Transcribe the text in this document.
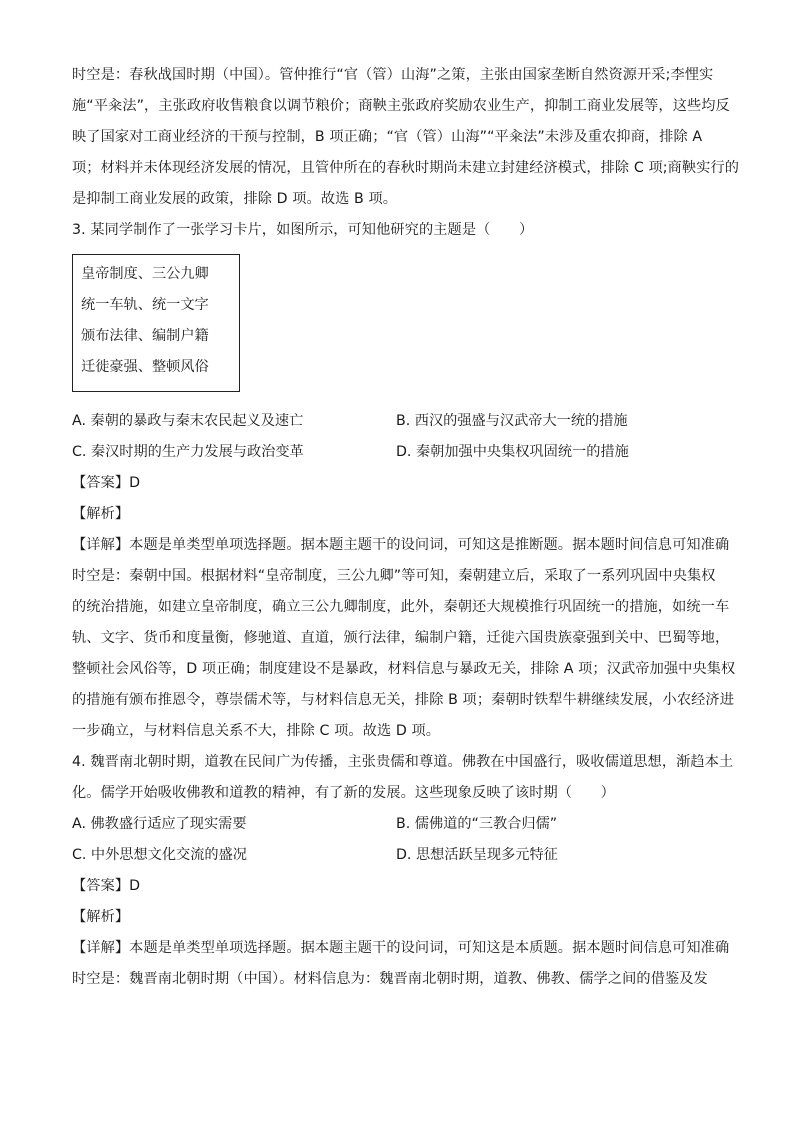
时空是：春秋战国时期（中国）。管仲推行“官（管）山海”之策，主张由国家垄断自然资源开采;李悝实
施“平籴法”，主张政府收售粮食以调节粮价；商鞅主张政府奖励农业生产，抑制工商业发展等，这些均反
映了国家对工商业经济的干预与控制，B 项正确；“官（管）山海”“平籴法”未涉及重农抑商，排除 A
项；材料并未体现经济发展的情况，且管仲所在的春秋时期尚未建立封建经济模式，排除 C 项;商鞅实行的
是抑制工商业发展的政策，排除 D 项。故选 B 项。
3. 某同学制作了一张学习卡片，如图所示，可知他研究的主题是（　　）
皇帝制度、三公九卿
统一车轨、统一文字
颁布法律、编制户籍
迁徙豪强、整顿风俗
A. 秦朝的暴政与秦末农民起义及速亡	B. 西汉的强盛与汉武帝大一统的措施
C. 秦汉时期的生产力发展与政治变革	D. 秦朝加强中央集权巩固统一的措施
【答案】D
【解析】
【详解】本题是单类型单项选择题。据本题主题干的设问词，可知这是推断题。据本题时间信息可知准确
时空是：秦朝中国。根据材料“皇帝制度，三公九卿”等可知，秦朝建立后，采取了一系列巩固中央集权
的统治措施，如建立皇帝制度，确立三公九卿制度，此外，秦朝还大规模推行巩固统一的措施，如统一车
轨、文字、货币和度量衡，修驰道、直道，颁行法律，编制户籍，迁徙六国贵族豪强到关中、巴蜀等地，
整顿社会风俗等，D 项正确；制度建设不是暴政，材料信息与暴政无关，排除 A 项；汉武帝加强中央集权
的措施有颁布推恩令，尊崇儒术等，与材料信息无关，排除 B 项；秦朝时铁犁牛耕继续发展，小农经济进
一步确立，与材料信息关系不大，排除 C 项。故选 D 项。
4. 魏晋南北朝时期，道教在民间广为传播，主张贵儒和尊道。佛教在中国盛行，吸收儒道思想，渐趋本土
化。儒学开始吸收佛教和道教的精神，有了新的发展。这些现象反映了该时期（　　）
A. 佛教盛行适应了现实需要	B. 儒佛道的“三教合归儒”
C. 中外思想文化交流的盛况	D. 思想活跃呈现多元特征
【答案】D
【解析】
【详解】本题是单类型单项选择题。据本题主题干的设问词，可知这是本质题。据本题时间信息可知准确
时空是：魏晋南北朝时期（中国）。材料信息为：魏晋南北朝时期，道教、佛教、儒学之间的借鉴及发
